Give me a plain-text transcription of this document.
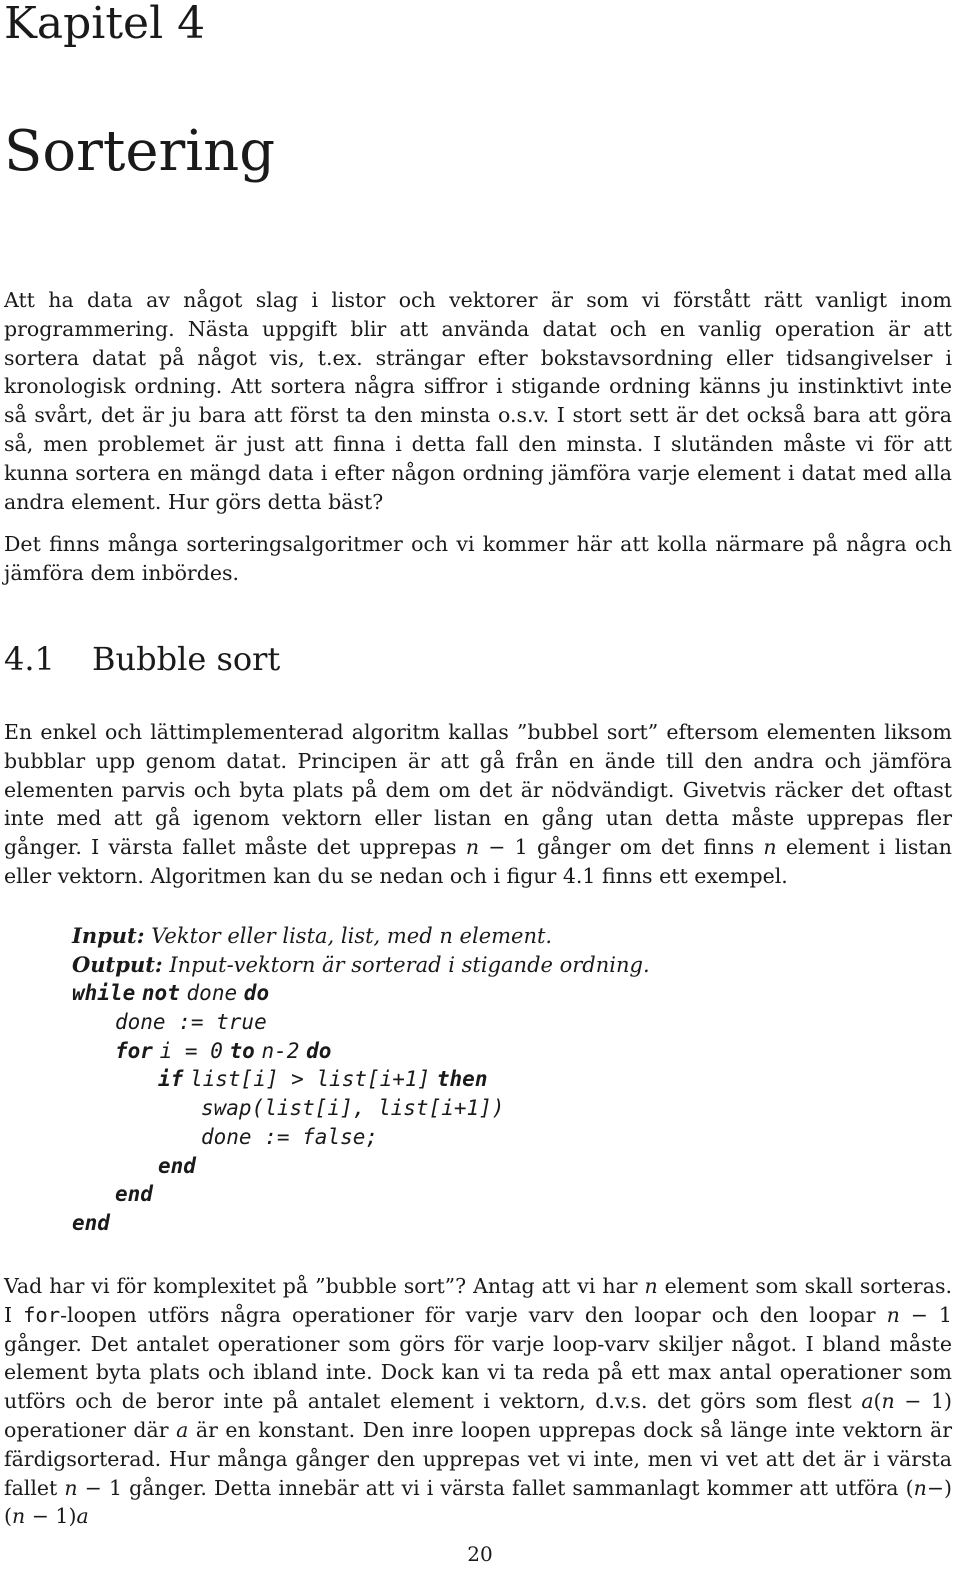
Kapitel 4
Sortering

Att ha data av något slag i listor och vektorer är som vi förstått rätt vanligt inom programmering. Nästa uppgift blir att använda datat och en vanlig operation är att sortera datat på något vis, t.ex. strängar efter bokstavsordning eller tidsangivelser i kronologisk ordning. Att sortera några siffror i stigande ordning känns ju instinktivt inte så svårt, det är ju bara att först ta den minsta o.s.v. I stort sett är det också bara att göra så, men problemet är just att finna i detta fall den minsta. I slutänden måste vi för att kunna sortera en mängd data i efter någon ordning jämföra varje element i datat med alla andra element. Hur görs detta bäst?

Det finns många sorteringsalgoritmer och vi kommer här att kolla närmare på några och jämföra dem inbördes.

4.1 Bubble sort

En enkel och lättimplementerad algoritm kallas ”bubbel sort” eftersom elementen liksom bubblar upp genom datat. Principen är att gå från en ände till den andra och jämföra elementen parvis och byta plats på dem om det är nödvändigt. Givetvis räcker det oftast inte med att gå igenom vektorn eller listan en gång utan detta måste upprepas fler gånger. I värsta fallet måste det upprepas n − 1 gånger om det finns n element i listan eller vektorn. Algoritmen kan du se nedan och i figur 4.1 finns ett exempel.

Input: Vektor eller lista, list, med n element.
Output: Input-vektorn är sorterad i stigande ordning.
while not done do
done := true
for i = 0 to n-2 do
if list[i] > list[i+1] then
swap(list[i], list[i+1])
done := false;
end
end
end

Vad har vi för komplexitet på ”bubble sort”? Antag att vi har n element som skall sorteras. I for-loopen utförs några operationer för varje varv den loopar och den loopar n − 1 gånger. Det antalet operationer som görs för varje loop-varv skiljer något. I bland måste element byta plats och ibland inte. Dock kan vi ta reda på ett max antal operationer som utförs och de beror inte på antalet element i vektorn, d.v.s. det görs som flest a(n − 1) operationer där a är en konstant. Den inre loopen upprepas dock så länge inte vektorn är färdigsorterad. Hur många gånger den upprepas vet vi inte, men vi vet att det är i värsta fallet n − 1 gånger. Detta innebär att vi i värsta fallet sammanlagt kommer att utföra (n−)(n − 1)a

20
